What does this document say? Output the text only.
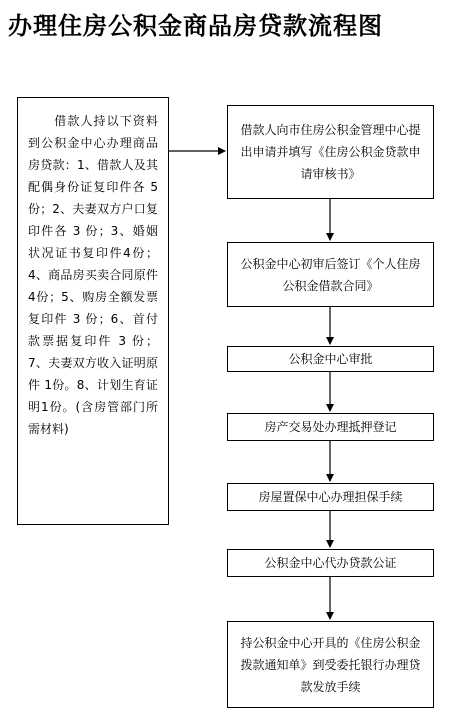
办理住房公积金商品房贷款流程图
　　借款人持以下资料到公积金中心办理商品房贷款：1、借款人及其配偶身份证复印件各 5 份；2、夫妻双方户口复印件各 3 份；3、婚姻状况证书复印件4份； 4、商品房买卖合同原件4份；5、购房全额发票复印件 3 份；6、首付款票据复印件 3 份；7、夫妻双方收入证明原件 1份。8、计划生育证明1份。(含房管部门所需材料)
借款人向市住房公积金管理中心提出申请并填写《住房公积金贷款申请审核书》
公积金中心初审后签订《个人住房公积金借款合同》
公积金中心审批
房产交易处办理抵押登记
房屋置保中心办理担保手续
公积金中心代办贷款公证
持公积金中心开具的《住房公积金拨款通知单》到受委托银行办理贷款发放手续
